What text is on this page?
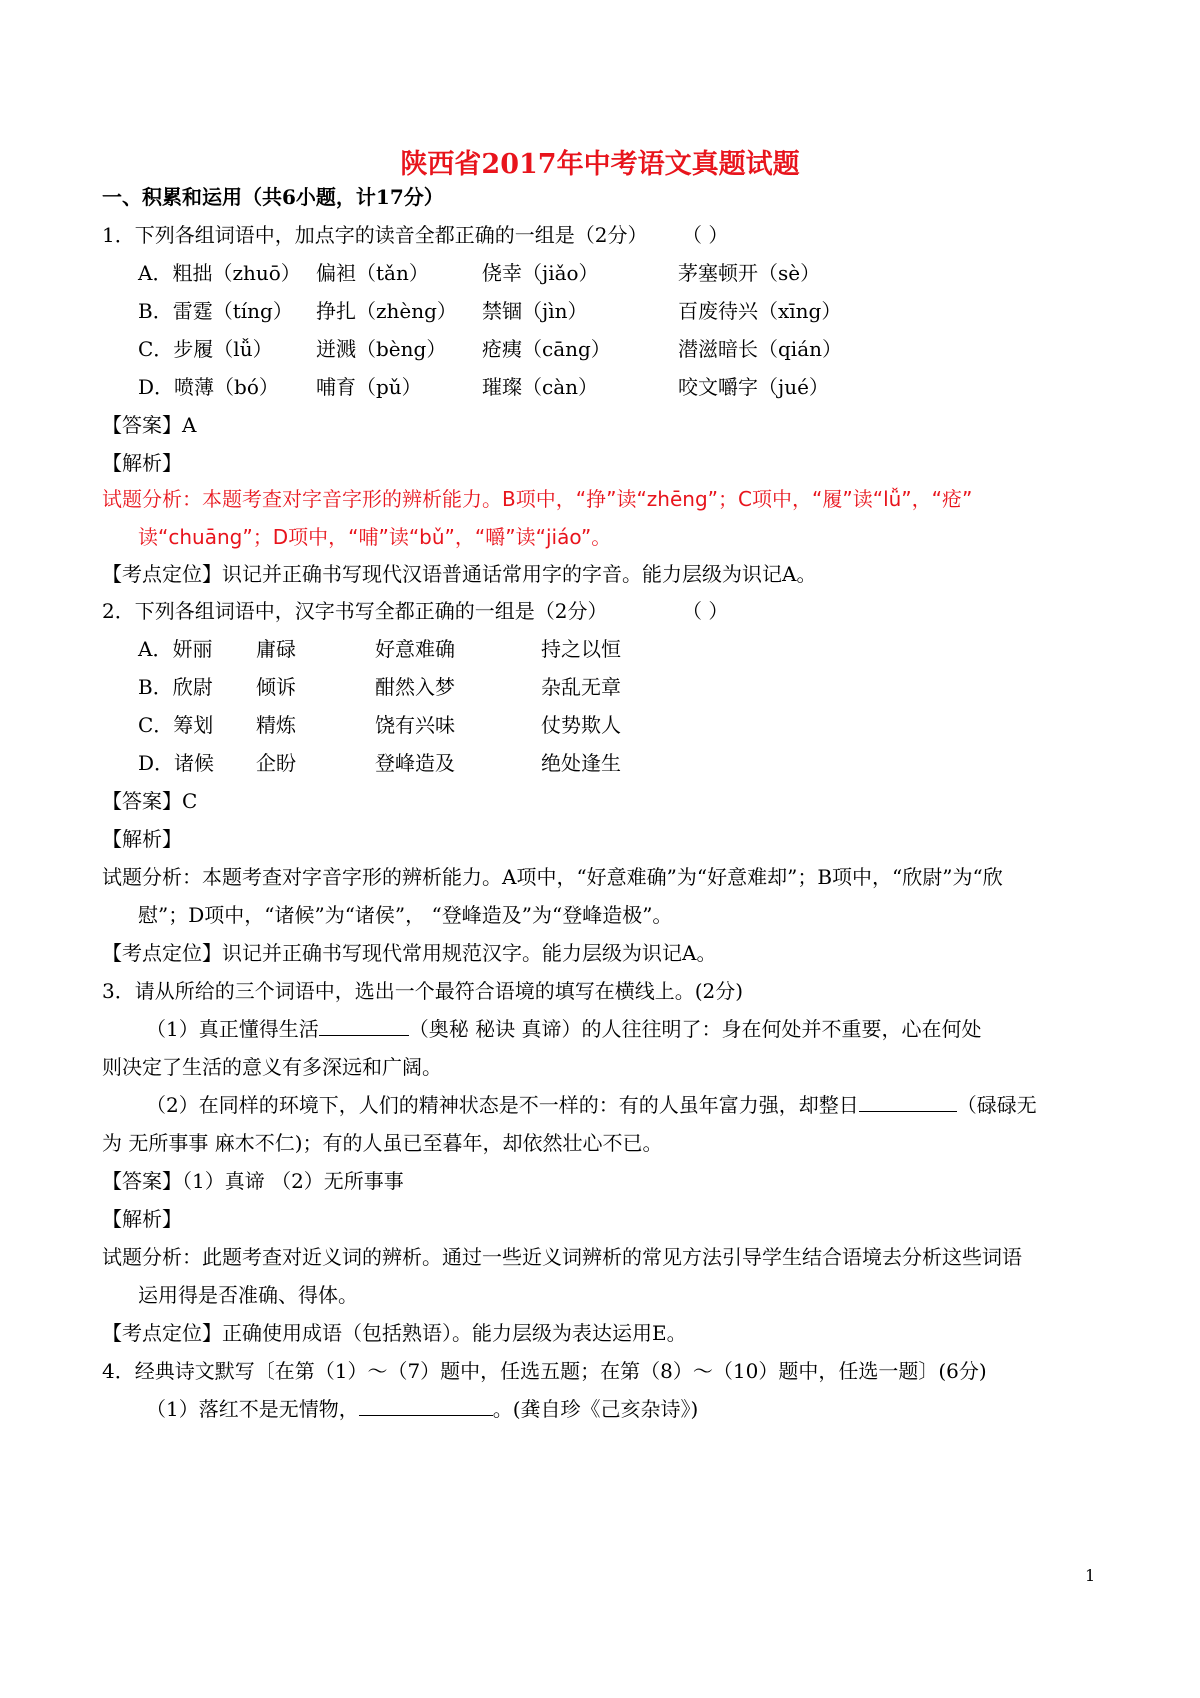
陕西省2017年中考语文真题试题
一、积累和运用（共6小题，计17分）
1．下列各组词语中，加点字的读音全都正确的一组是（2分） （ ）
A．粗拙（zhuō） 偏袒（tǎn）	侥幸（jiǎo）	茅塞顿开（sè）
B．雷霆（tíng） 挣扎（zhèng） 禁锢（jìn）	百废待兴（xīng）
C．步履（lǚ） 迸溅（bèng） 疮痍（cāng）	潜滋暗长（qián）
D．喷薄（bó） 哺育（pǔ）	璀璨（càn）	咬文嚼字（jué）
【答案】A
【解析】
试题分析：本题考查对字音字形的辨析能力。B项中，“挣”读“zhēng”；C项中，“履”读“lǚ”，“疮”
读“chuāng”；D项中，“哺”读“bǔ”，“嚼”读“jiáo”。
【考点定位】识记并正确书写现代汉语普通话常用字的字音。能力层级为识记A。
2．下列各组词语中，汉字书写全都正确的一组是（2分）	（ ）
A．妍丽 庸碌	好意难确	持之以恒
B．欣尉 倾诉	酣然入梦	杂乱无章
C．筹划 精炼	饶有兴味	仗势欺人
D．诸候 企盼	登峰造及	绝处逢生
【答案】C
【解析】
试题分析：本题考查对字音字形的辨析能力。A项中，“好意难确”为“好意难却”；B项中，“欣尉”为“欣
慰”；D项中，“诸候”为“诸侯”， “登峰造及”为“登峰造极”。
【考点定位】识记并正确书写现代常用规范汉字。能力层级为识记A。
3．请从所给的三个词语中，选出一个最符合语境的填写在横线上。(2分)
（1）真正懂得生活	（奥秘 秘诀 真谛）的人往往明了：身在何处并不重要，心在何处
则决定了生活的意义有多深远和广阔。
（2）在同样的环境下，人们的精神状态是不一样的：有的人虽年富力强，却整日	（碌碌无
为 无所事事 麻木不仁)；有的人虽已至暮年，却依然壮心不已。
【答案】（1）真谛 （2）无所事事
【解析】
试题分析：此题考查对近义词的辨析。通过一些近义词辨析的常见方法引导学生结合语境去分析这些词语
运用得是否准确、得体。
【考点定位】正确使用成语（包括熟语）。能力层级为表达运用E。
4．经典诗文默写〔在第（1）～（7）题中，任选五题；在第（8）～（10）题中，任选一题〕(6分)
（1）落红不是无情物，	。(龚自珍《己亥杂诗》)
1
